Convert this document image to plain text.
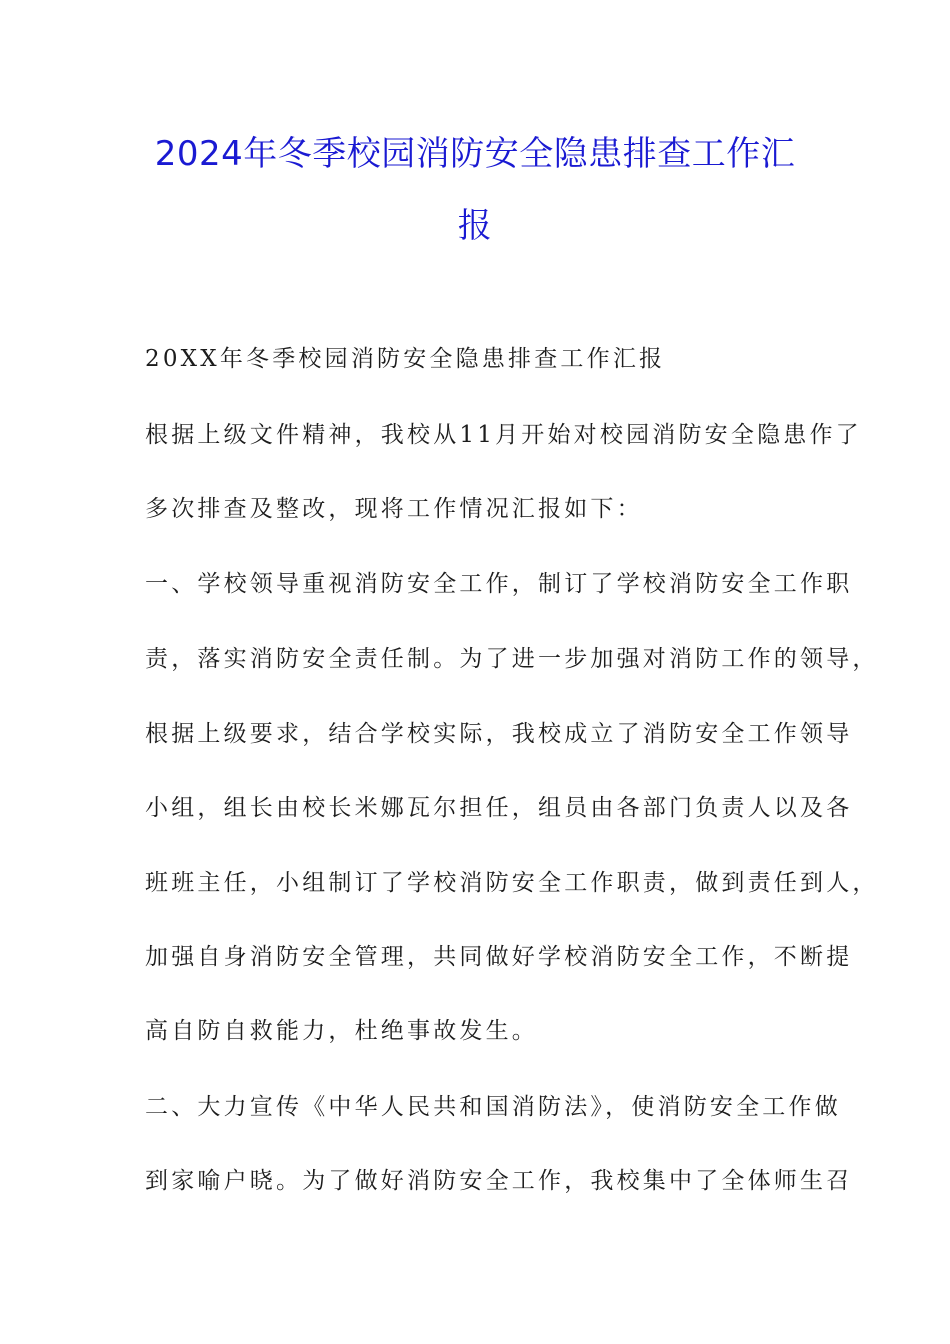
2024年冬季校园消防安全隐患排查工作汇
报
20XX年冬季校园消防安全隐患排查工作汇报
根据上级文件精神，我校从11月开始对校园消防安全隐患作了
多次排查及整改，现将工作情况汇报如下：
一、学校领导重视消防安全工作，制订了学校消防安全工作职
责，落实消防安全责任制。为了进一步加强对消防工作的领导，
根据上级要求，结合学校实际，我校成立了消防安全工作领导
小组，组长由校长米娜瓦尔担任，组员由各部门负责人以及各
班班主任，小组制订了学校消防安全工作职责，做到责任到人，
加强自身消防安全管理，共同做好学校消防安全工作，不断提
高自防自救能力，杜绝事故发生。
二、大力宣传《中华人民共和国消防法》，使消防安全工作做
到家喻户晓。为了做好消防安全工作，我校集中了全体师生召
